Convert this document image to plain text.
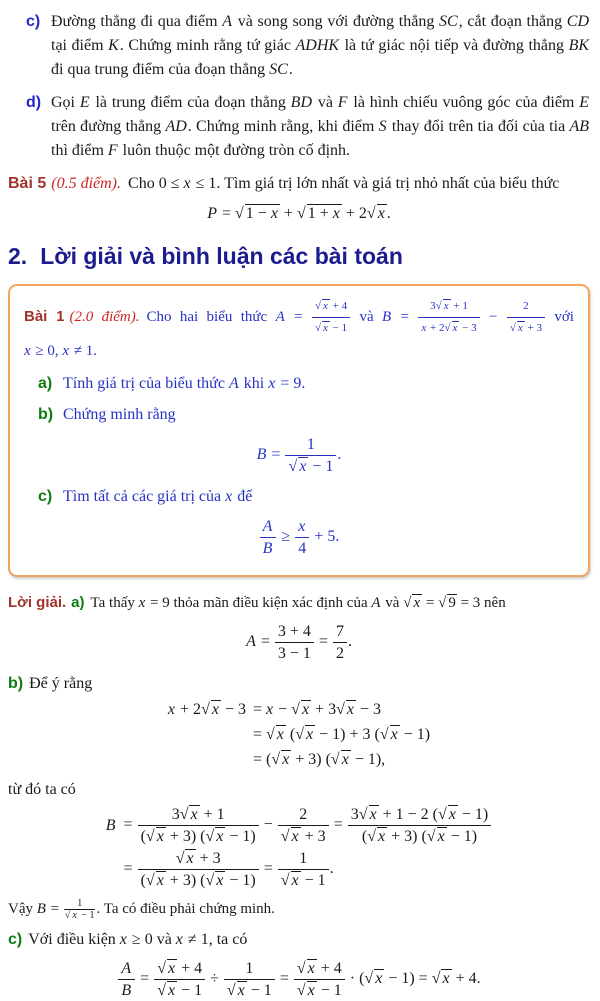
c) Đường thẳng đi qua điểm A và song song với đường thẳng SC, cắt đoạn thẳng CD tại điểm K. Chứng minh rằng tứ giác ADHK là tứ giác nội tiếp và đường thẳng BK đi qua trung điểm của đoạn thẳng SC.
d) Gọi E là trung điểm của đoạn thẳng BD và F là hình chiếu vuông góc của điểm E trên đường thẳng AD. Chứng minh rằng, khi điểm S thay đổi trên tia đối của tia AB thì điểm F luôn thuộc một đường tròn cố định.
Bài 5 (0.5 điểm). Cho 0 ≤ x ≤ 1. Tìm giá trị lớn nhất và giá trị nhỏ nhất của biểu thức
P = √ 1 − x + √ 1 + x + 2√ x .
2. Lời giải và bình luận các bài toán
Bài 1 (2.0 điểm). Cho hai biểu thức $A = \frac{√ x + 4}{√ x - 1}$ và $B = \frac{3√ x + 1}{x + 2√ x - 3} - \frac{2}{√ x + 3}$ với x ≥ 0, x ≠ 1.
a) Tính giá trị của biểu thức A khi x = 9.
b) Chứng minh rằng
$B = \frac{1}{√ x - 1}$ .
c) Tìm tất cả các giá trị của x để
$\frac{A}{B} \ge \frac{x}{4} + 5$.
Lời giải. a) Ta thấy x = 9 thỏa mãn điều kiện xác định của A và √ x = √ 9 = 3 nên
$A = \frac{3 + 4}{3 - 1} = \frac{7}{2}$ .
b) Để ý rằng
x + 2√ x − 3 = x − √ x + 3√ x − 3
= √ x (√ x − 1) + 3 (√ x − 1)
= (√ x + 3) (√ x − 1),
từ đó ta có
$B = \frac{3√ x + 1}{(√ x + 3) (√ x - 1)} - \frac{2}{√ x + 3} = \frac{3√ x + 1 - 2 (√ x - 1)}{(√ x + 3) (√ x - 1)}$
= $\frac{√ x + 3}{(√ x + 3) (√ x - 1)} = \frac{1}{√ x - 1}$ .
Vậy $B = \frac{1}{√ x - 1}$ . Ta có điều phải chứng minh.
c) Với điều kiện x ≥ 0 và x ≠ 1, ta có
$\frac{A}{B} = \frac{√ x + 4}{√ x - 1} \div \frac{1}{√ x - 1} = \frac{√ x + 4}{√ x - 1}$ · (√ x − 1) = √ x + 4.
